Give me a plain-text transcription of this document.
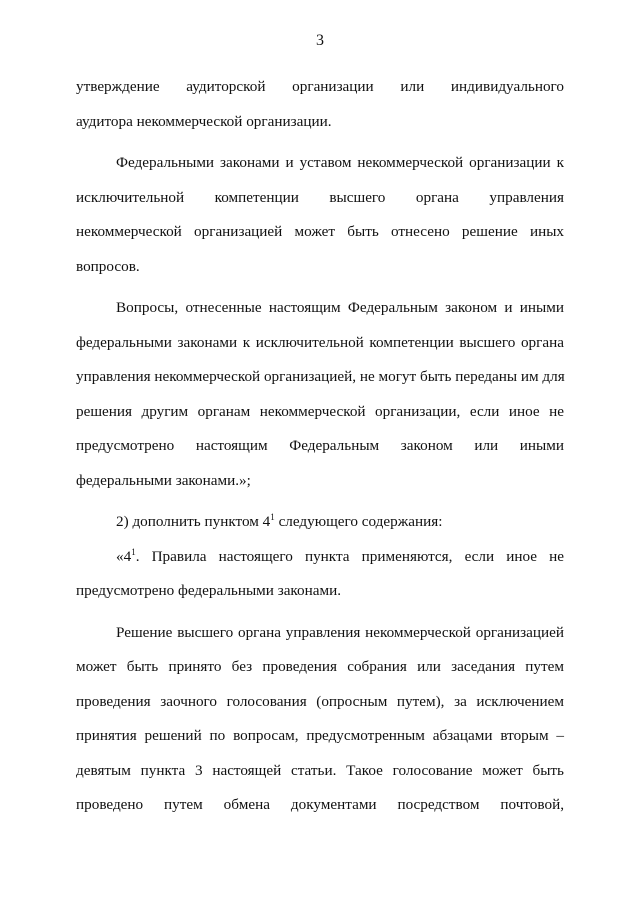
3
утверждение аудиторской организации или индивидуального
аудитора некоммерческой организации.
Федеральными законами и уставом некоммерческой организации к
исключительной компетенции высшего органа управления
некоммерческой организацией может быть отнесено решение иных
вопросов.
Вопросы, отнесенные настоящим Федеральным законом и иными
федеральными законами к исключительной компетенции высшего органа
управления некоммерческой организацией, не могут быть переданы им для
решения другим органам некоммерческой организации, если иное не
предусмотрено настоящим Федеральным законом или иными
федеральными законами.»;
2) дополнить пунктом $4^1$ следующего содержания:
«$4^1$. Правила настоящего пункта применяются, если иное не
предусмотрено федеральными законами.
Решение высшего органа управления некоммерческой организацией
может быть принято без проведения собрания или заседания путем
проведения заочного голосования (опросным путем), за исключением
принятия решений по вопросам, предусмотренным абзацами вторым –
девятым пункта 3 настоящей статьи. Такое голосование может быть
проведено путем обмена документами посредством почтовой,
